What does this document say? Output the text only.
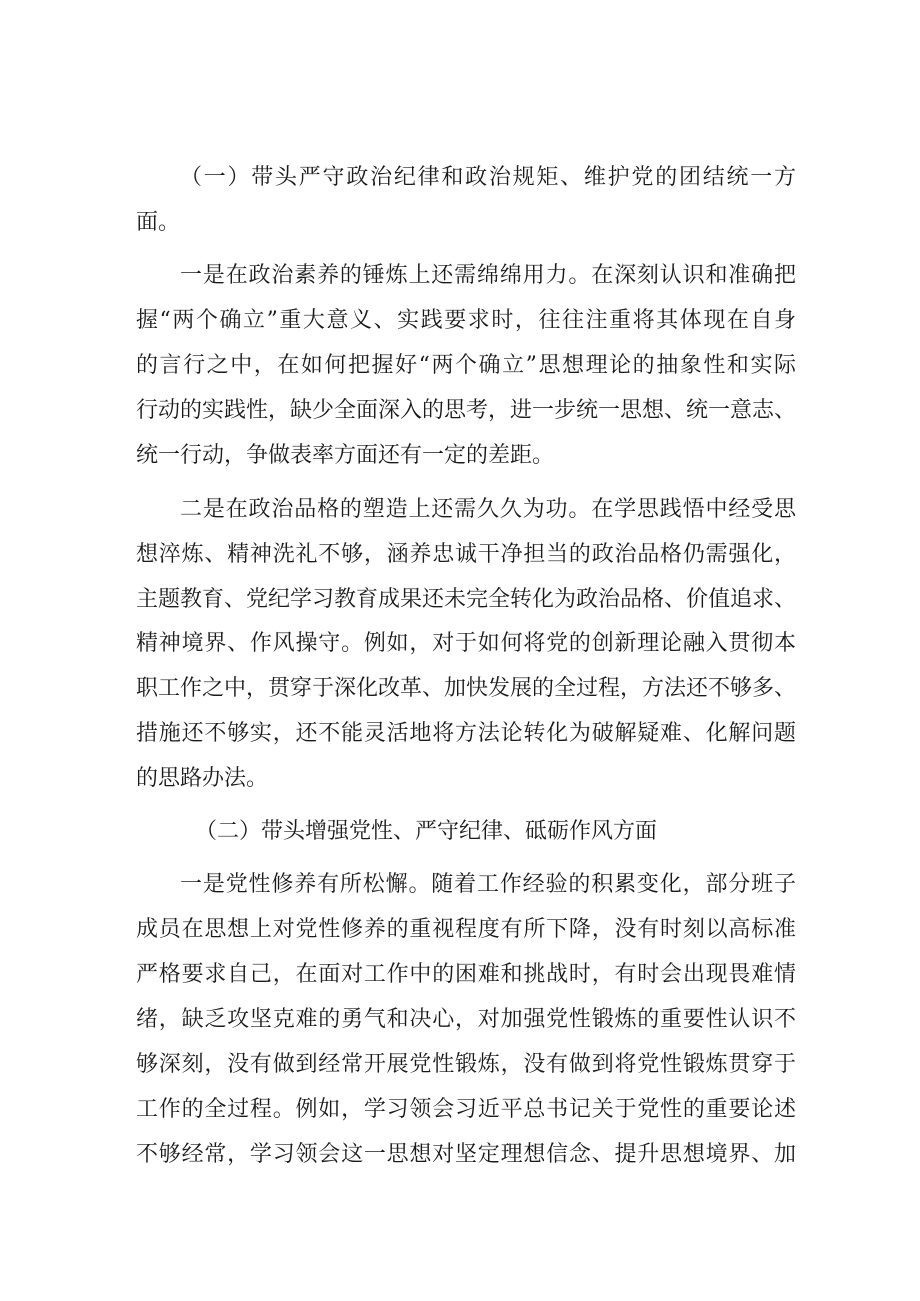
（一）带头严守政治纪律和政治规矩、维护党的团结统一方

面。

一是在政治素养的锤炼上还需绵绵用力。在深刻认识和准确把

握“两个确立”重大意义、实践要求时，往往注重将其体现在自身

的言行之中，在如何把握好“两个确立”思想理论的抽象性和实际

行动的实践性，缺少全面深入的思考，进一步统一思想、统一意志、

统一行动，争做表率方面还有一定的差距。

二是在政治品格的塑造上还需久久为功。在学思践悟中经受思

想淬炼、精神洗礼不够，涵养忠诚干净担当的政治品格仍需强化，

主题教育、党纪学习教育成果还未完全转化为政治品格、价值追求、

精神境界、作风操守。例如，对于如何将党的创新理论融入贯彻本

职工作之中，贯穿于深化改革、加快发展的全过程，方法还不够多、

措施还不够实，还不能灵活地将方法论转化为破解疑难、化解问题

的思路办法。

（二）带头增强党性、严守纪律、砥砺作风方面

一是党性修养有所松懈。随着工作经验的积累变化，部分班子

成员在思想上对党性修养的重视程度有所下降，没有时刻以高标准

严格要求自己，在面对工作中的困难和挑战时，有时会出现畏难情

绪，缺乏攻坚克难的勇气和决心，对加强党性锻炼的重要性认识不

够深刻，没有做到经常开展党性锻炼，没有做到将党性锻炼贯穿于

工作的全过程。例如，学习领会习近平总书记关于党性的重要论述

不够经常，学习领会这一思想对坚定理想信念、提升思想境界、加
